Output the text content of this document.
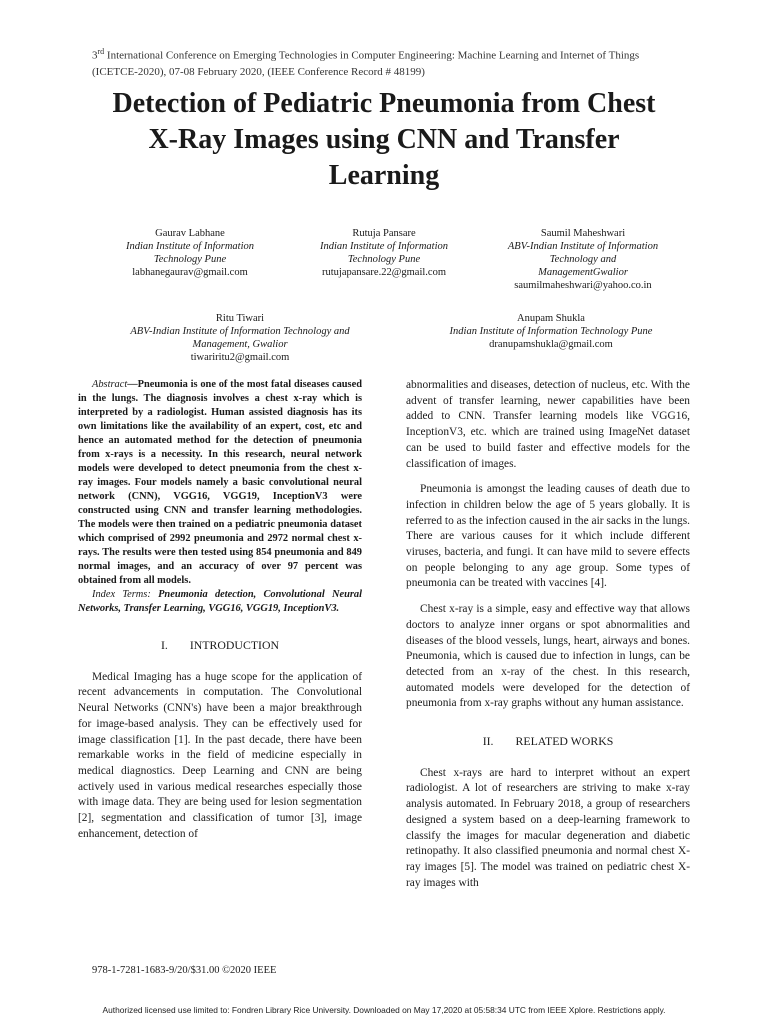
3rd International Conference on Emerging Technologies in Computer Engineering: Machine Learning and Internet of Things
(ICETCE-2020), 07-08 February 2020, (IEEE Conference Record # 48199)
Detection of Pediatric Pneumonia from Chest
X-Ray Images using CNN and Transfer
Learning
Gaurav Labhane
Indian Institute of Information
Technology Pune
labhanegaurav@gmail.com
Rutuja Pansare
Indian Institute of Information
Technology Pune
rutujapansare.22@gmail.com
Saumil Maheshwari
ABV-Indian Institute of Information
Technology and
ManagementGwalior
saumilmaheshwari@yahoo.co.in
Ritu Tiwari
ABV-Indian Institute of Information Technology and
Management, Gwalior
tiwariritu2@gmail.com
Anupam Shukla
Indian Institute of Information Technology Pune
dranupamshukla@gmail.com

Abstract—Pneumonia is one of the most fatal diseases caused in the lungs. The diagnosis involves a chest x-ray which is interpreted by a radiologist. Human assisted diagnosis has its own limitations like the availability of an expert, cost, etc and hence an automated method for the detection of pneumonia from x-rays is a necessity. In this research, neural network models were developed to detect pneumonia from the chest x-ray images. Four models namely a basic convolutional neural network (CNN), VGG16, VGG19, InceptionV3 were constructed using CNN and transfer learning methodologies. The models were then trained on a pediatric pneumonia dataset which comprised of 2992 pneumonia and 2972 normal chest x-rays. The results were then tested using 854 pneumonia and 849 normal images, and an accuracy of over 97 percent was obtained from all models.

Index Terms: Pneumonia detection, Convolutional Neural Networks, Transfer Learning, VGG16, VGG19, InceptionV3.

I. INTRODUCTION

Medical Imaging has a huge scope for the application of recent advancements in computation. The Convolutional Neural Networks (CNN's) have been a major breakthrough for image-based analysis. They can be effectively used for image classification [1]. In the past decade, there have been remarkable works in the field of medicine especially in medical diagnostics. Deep Learning and CNN are being actively used in various medical researches especially those with image data. They are being used for lesion segmentation [2], segmentation and classification of tumor [3], image enhancement, detection of

abnormalities and diseases, detection of nucleus, etc. With the advent of transfer learning, newer capabilities have been added to CNN. Transfer learning models like VGG16, InceptionV3, etc. which are trained using ImageNet dataset can be used to build faster and effective models for the classification of images.

Pneumonia is amongst the leading causes of death due to infection in children below the age of 5 years globally. It is referred to as the infection caused in the air sacks in the lungs. There are various causes for it which include different viruses, bacteria, and fungi. It can have mild to severe effects on people belonging to any age group. Some types of pneumonia can be treated with vaccines [4].

Chest x-ray is a simple, easy and effective way that allows doctors to analyze inner organs or spot abnormalities and diseases of the blood vessels, lungs, heart, airways and bones. Pneumonia, which is caused due to infection in lungs, can be detected from an x-ray of the chest. In this research, automated models were developed for the detection of pneumonia from x-ray graphs without any human assistance.

II. RELATED WORKS

Chest x-rays are hard to interpret without an expert radiologist. A lot of researchers are striving to make x-ray analysis automated. In February 2018, a group of researchers designed a system based on a deep-learning framework to classify the images for macular degeneration and diabetic retinopathy. It also classified pneumonia and normal chest X-ray images [5]. The model was trained on pediatric chest X-ray images with

978-1-7281-1683-9/20/$31.00 ©2020 IEEE
Authorized licensed use limited to: Fondren Library Rice University. Downloaded on May 17,2020 at 05:58:34 UTC from IEEE Xplore. Restrictions apply.
